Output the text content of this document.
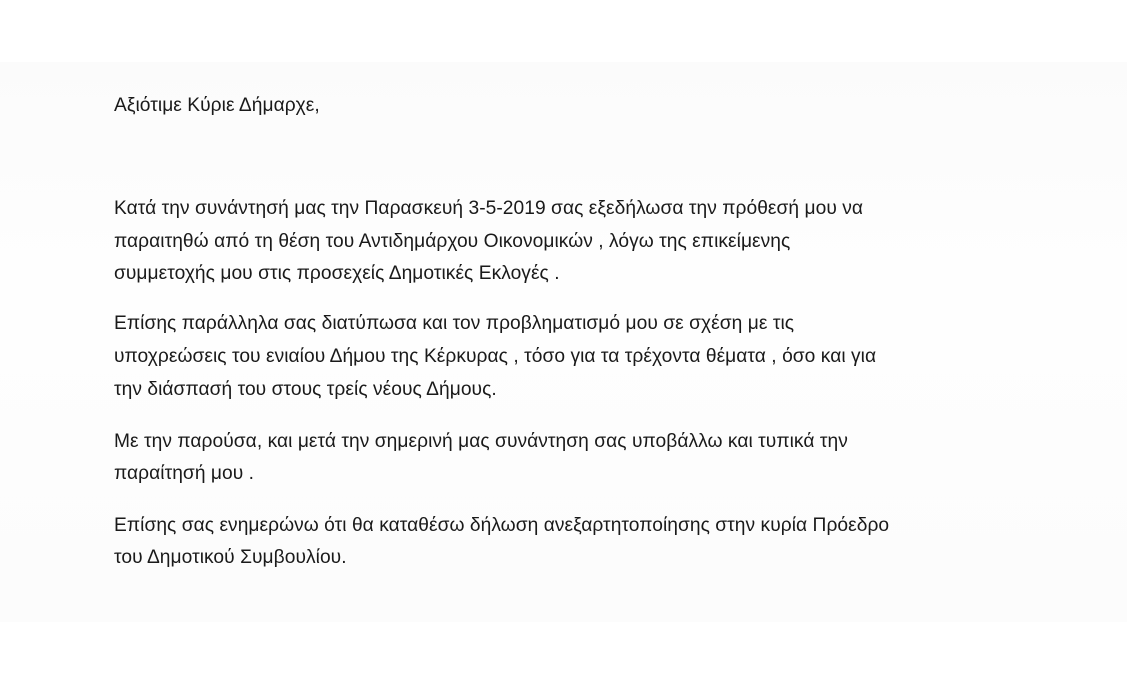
Αξιότιμε Κύριε Δήμαρχε,
Κατά την συνάντησή μας την Παρασκευή 3-5-2019 σας εξεδήλωσα την πρόθεσή μου να
παραιτηθώ από τη θέση του Αντιδημάρχου Οικονομικών , λόγω της επικείμενης
συμμετοχής μου στις προσεχείς Δημοτικές Εκλογές .
Επίσης παράλληλα σας διατύπωσα και τον προβληματισμό μου σε σχέση με τις
υποχρεώσεις του ενιαίου Δήμου της Κέρκυρας , τόσο για τα τρέχοντα θέματα , όσο και για
την διάσπασή του στους τρείς νέους Δήμους.
Με την παρούσα, και μετά την σημερινή μας συνάντηση σας υποβάλλω και τυπικά την
παραίτησή μου .
Επίσης σας ενημερώνω ότι θα καταθέσω δήλωση ανεξαρτητοποίησης στην κυρία Πρόεδρο
του Δημοτικού Συμβουλίου.
